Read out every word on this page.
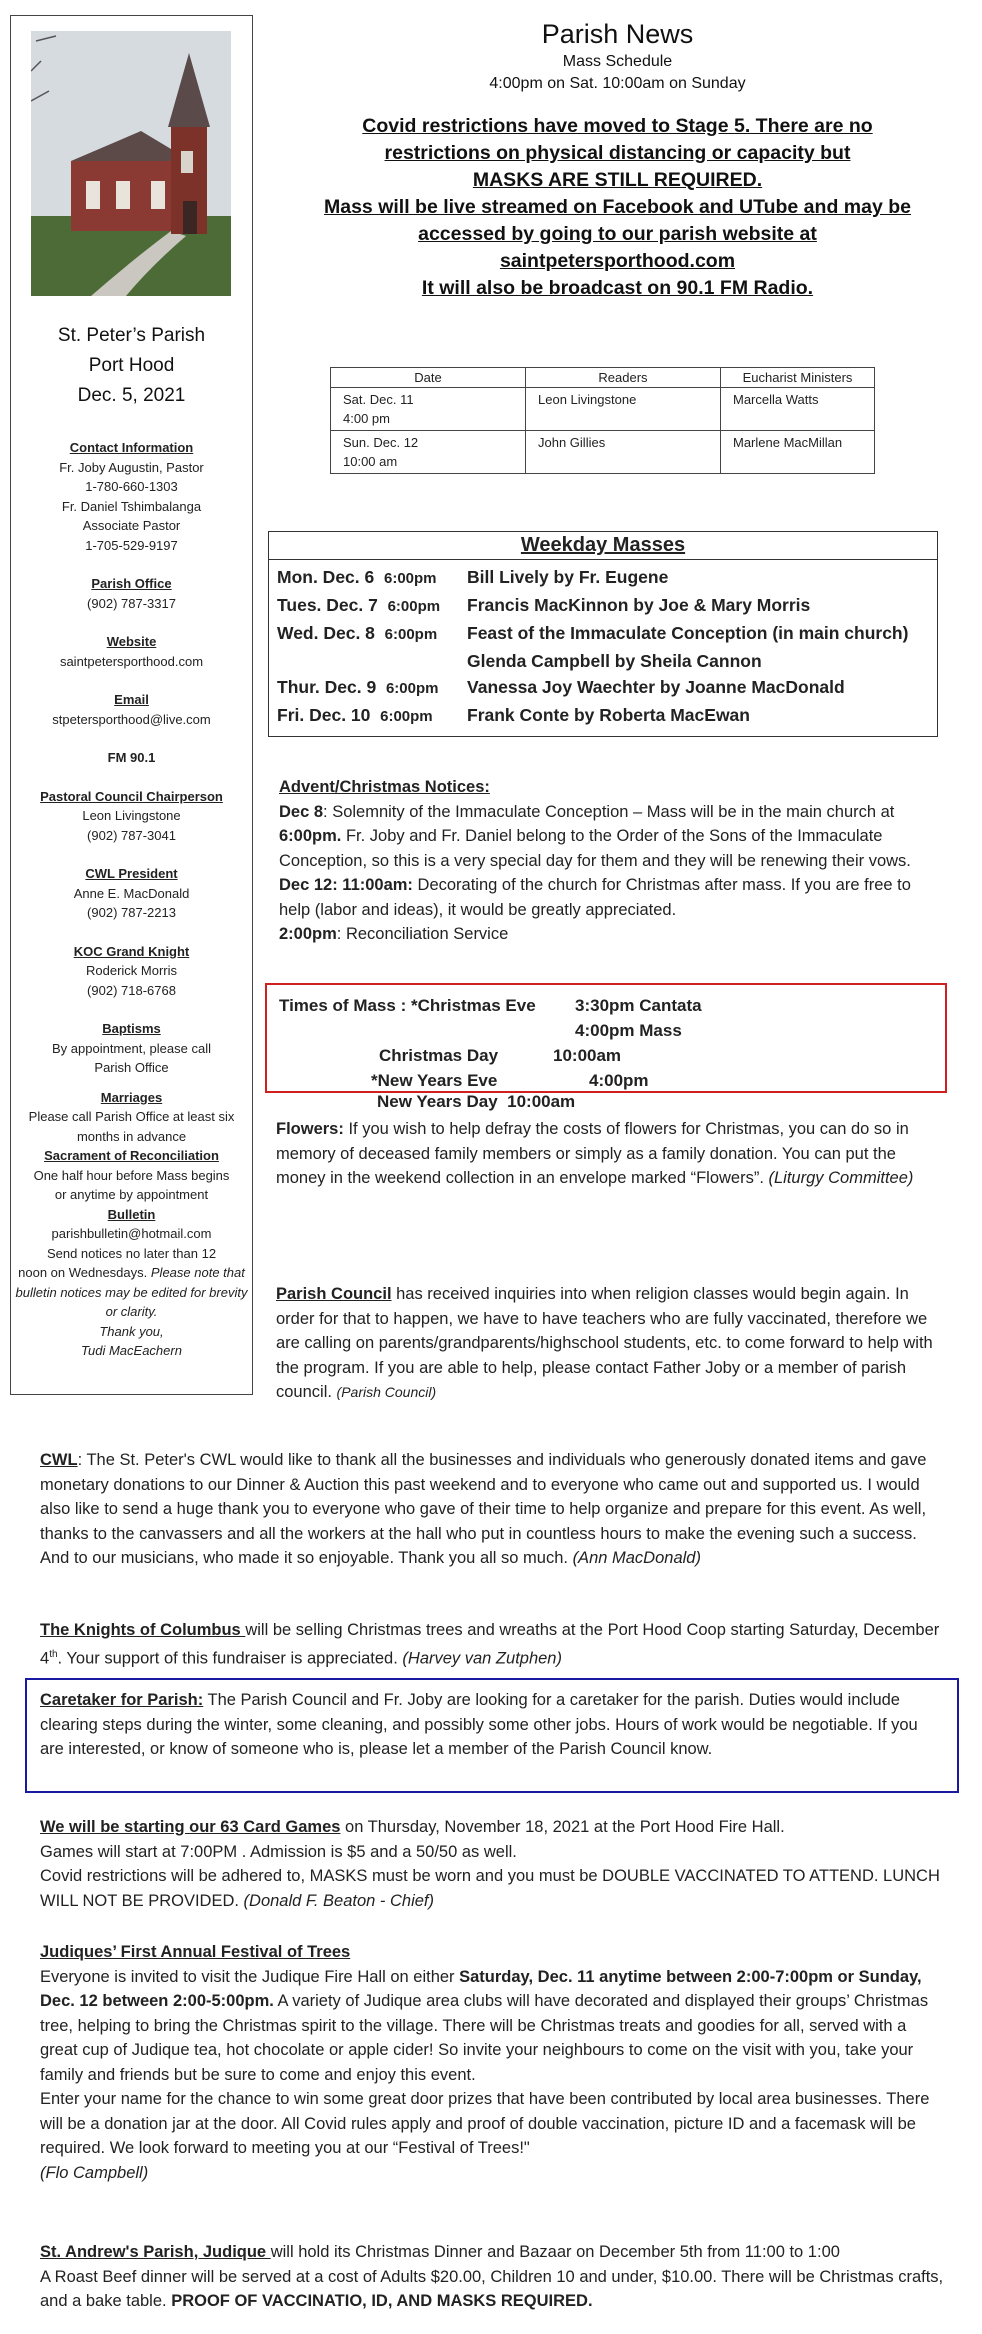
St. Peter’s Parish
Port Hood
Dec. 5, 2021
Contact Information
Fr. Joby Augustin, Pastor
1-780-660-1303
Fr. Daniel Tshimbalanga
Associate Pastor
1-705-529-9197
Parish Office
(902) 787-3317
Website
saintpetersporthood.com
Email
stpetersporthood@live.com
FM 90.1
Pastoral Council Chairperson
Leon Livingstone
(902) 787-3041
CWL President
Anne E. MacDonald
(902) 787-2213
KOC Grand Knight
Roderick Morris
(902) 718-6768
Baptisms
By appointment, please call
Parish Office
Marriages
Please call Parish Office at least six
months in advance
Sacrament of Reconciliation
One half hour before Mass begins
or anytime by appointment
Bulletin
parishbulletin@hotmail.com
Send notices no later than 12
noon on Wednesdays. Please note that bulletin notices may be edited for brevity or clarity.
Thank you,
Tudi MacEachern
Parish News
Mass Schedule
4:00pm on Sat. 10:00am on Sunday
Covid restrictions have moved to Stage 5. There are no
restrictions on physical distancing or capacity but
MASKS ARE STILL REQUIRED.
Mass will be live streamed on Facebook and UTube and may be
accessed by going to our parish website at
saintpetersporthood.com
It will also be broadcast on 90.1 FM Radio.
Date	Readers	Eucharist Ministers

Sat. Dec. 11
4:00 pm	Leon Livingstone	Marcella Watts

Sun. Dec. 12
10:00 am	John Gillies	Marlene MacMillan
Weekday Masses
Mon. Dec. 6 6:00pm	Bill Lively by Fr. Eugene
Tues. Dec. 7 6:00pm	Francis MacKinnon by Joe & Mary Morris
Wed. Dec. 8 6:00pm	Feast of the Immaculate Conception (in main church)
Glenda Campbell by Sheila Cannon
Thur. Dec. 9 6:00pm	Vanessa Joy Waechter by Joanne MacDonald
Fri. Dec. 10 6:00pm	Frank Conte by Roberta MacEwan
Advent/Christmas Notices:
Dec 8: Solemnity of the Immaculate Conception – Mass will be in the main church at 6:00pm. Fr. Joby and Fr. Daniel belong to the Order of the Sons of the Immaculate Conception, so this is a very special day for them and they will be renewing their vows.
Dec 12: 11:00am: Decorating of the church for Christmas after mass. If you are free to help (labor and ideas), it would be greatly appreciated.
2:00pm: Reconciliation Service
Times of Mass : *Christmas Eve 3:30pm Cantata
4:00pm Mass
Christmas Day	10:00am
*New Years Eve	4:00pm
New Years Day 10:00am
Flowers: If you wish to help defray the costs of flowers for Christmas, you can do so in memory of deceased family members or simply as a family donation. You can put the money in the weekend collection in an envelope marked “Flowers”. (Liturgy Committee)
Parish Council has received inquiries into when religion classes would begin again. In order for that to happen, we have to have teachers who are fully vaccinated, therefore we are calling on parents/grandparents/highschool students, etc. to come forward to help with the program. If you are able to help, please contact Father Joby or a member of parish council. (Parish Council)
CWL: The St. Peter's CWL would like to thank all the businesses and individuals who generously donated items and gave monetary donations to our Dinner & Auction this past weekend and to everyone who came out and supported us. I would also like to send a huge thank you to everyone who gave of their time to help organize and prepare for this event. As well, thanks to the canvassers and all the workers at the hall who put in countless hours to make the evening such a success. And to our musicians, who made it so enjoyable. Thank you all so much. (Ann MacDonald)
The Knights of Columbus will be selling Christmas trees and wreaths at the Port Hood Coop starting Saturday, December 4th. Your support of this fundraiser is appreciated. (Harvey van Zutphen)
Caretaker for Parish: The Parish Council and Fr. Joby are looking for a caretaker for the parish. Duties would include clearing steps during the winter, some cleaning, and possibly some other jobs. Hours of work would be negotiable. If you are interested, or know of someone who is, please let a member of the Parish Council know.
We will be starting our 63 Card Games on Thursday, November 18, 2021 at the Port Hood Fire Hall.
Games will start at 7:00PM . Admission is $5 and a 50/50 as well.
Covid restrictions will be adhered to, MASKS must be worn and you must be DOUBLE VACCINATED TO ATTEND. LUNCH WILL NOT BE PROVIDED. (Donald F. Beaton - Chief)
Judiques’ First Annual Festival of Trees
Everyone is invited to visit the Judique Fire Hall on either Saturday, Dec. 11 anytime between 2:00-7:00pm or Sunday, Dec. 12 between 2:00-5:00pm. A variety of Judique area clubs will have decorated and displayed their groups’ Christmas tree, helping to bring the Christmas spirit to the village. There will be Christmas treats and goodies for all, served with a great cup of Judique tea, hot chocolate or apple cider! So invite your neighbours to come on the visit with you, take your family and friends but be sure to come and enjoy this event.
Enter your name for the chance to win some great door prizes that have been contributed by local area businesses. There will be a donation jar at the door. All Covid rules apply and proof of double vaccination, picture ID and a facemask will be required. We look forward to meeting you at our “Festival of Trees!"
(Flo Campbell)
St. Andrew's Parish, Judique will hold its Christmas Dinner and Bazaar on December 5th from 11:00 to 1:00
A Roast Beef dinner will be served at a cost of Adults $20.00, Children 10 and under, $10.00. There will be Christmas crafts, and a bake table. PROOF OF VACCINATIO, ID, AND MASKS REQUIRED.
